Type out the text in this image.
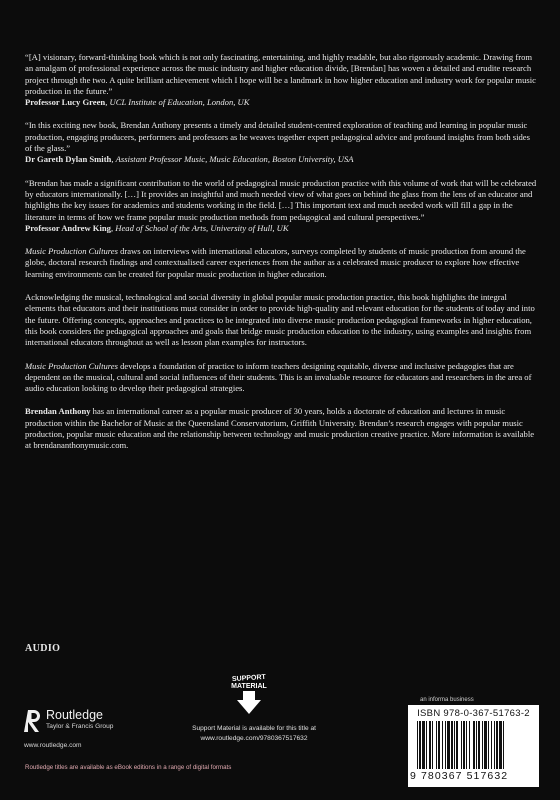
“[A] visionary, forward-thinking book which is not only fascinating, entertaining, and highly readable, but also rigorously academic. Drawing from an amalgam of professional experience across the music industry and higher education divide, [Brendan] has woven a detailed and erudite research project through the two. A quite brilliant achievement which I hope will be a landmark in how higher education and industry work for popular music production in the future.”

Professor Lucy Green, UCL Institute of Education, London, UK

“In this exciting new book, Brendan Anthony presents a timely and detailed student-centred exploration of teaching and learning in popular music production, engaging producers, performers and professors as he weaves together expert pedagogical advice and profound insights from both sides of the glass.”

Dr Gareth Dylan Smith, Assistant Professor Music, Music Education, Boston University, USA

“Brendan has made a significant contribution to the world of pedagogical music production practice with this volume of work that will be celebrated by educators internationally. […] It provides an insightful and much needed view of what goes on behind the glass from the lens of an educator and highlights the key issues for academics and students working in the field. […] This important text and much needed work will fill a gap in the literature in terms of how we frame popular music production methods from pedagogical and cultural perspectives.”

Professor Andrew King, Head of School of the Arts, University of Hull, UK

Music Production Cultures draws on interviews with international educators, surveys completed by students of music production from around the globe, doctoral research findings and contextualised career experiences from the author as a celebrated music producer to explore how effective learning environments can be created for popular music production in higher education.

Acknowledging the musical, technological and social diversity in global popular music production practice, this book highlights the integral elements that educators and their institutions must consider in order to provide high-quality and relevant education for the students of today and into the future. Offering concepts, approaches and practices to be integrated into diverse music production pedagogical frameworks in higher education, this book considers the pedagogical approaches and goals that bridge music production education to the industry, using examples and insights from international educators throughout as well as lesson plan examples for instructors.

Music Production Cultures develops a foundation of practice to inform teachers designing equitable, diverse and inclusive pedagogies that are dependent on the musical, cultural and social influences of their students. This is an invaluable resource for educators and researchers in the area of audio education looking to develop their pedagogical strategies.

Brendan Anthony has an international career as a popular music producer of 30 years, holds a doctorate of education and lectures in music production within the Bachelor of Music at the Queensland Conservatorium, Griffith University. Brendan’s research engages with popular music production, popular music education and the relationship between technology and music production creative practice. More information is available at brendananthonymusic.com.

AUDIO
Routledge
Taylor & Francis Group
www.routledge.com
SUPPORT
MATERIAL
Support Material is available for this title at
www.routledge.com/9780367517632
an informa business
ISBN 978-0-367-51763-2
9 780367 517632
Routledge titles are available as eBook editions in a range of digital formats
